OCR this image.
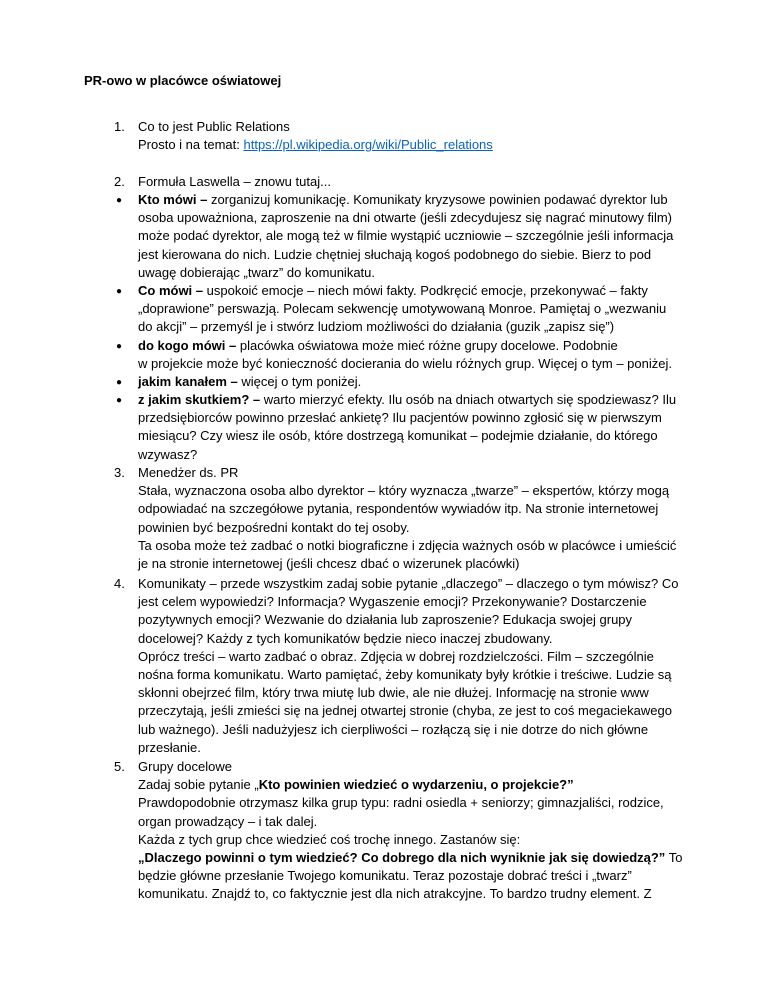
PR-owo w placówce oświatowej
1. Co to jest Public Relations
Prosto i na temat: https://pl.wikipedia.org/wiki/Public_relations
2. Formuła Laswella – znowu tutaj...
● Kto mówi – zorganizuj komunikację. Komunikaty kryzysowe powinien podawać dyrektor lub
osoba upoważniona, zaproszenie na dni otwarte (jeśli zdecydujesz się nagrać minutowy film)
może podać dyrektor, ale mogą też w filmie wystąpić uczniowie – szczególnie jeśli informacja
jest kierowana do nich. Ludzie chętniej słuchają kogoś podobnego do siebie. Bierz to pod
uwagę dobierając „twarz” do komunikatu.
● Co mówi – uspokoić emocje – niech mówi fakty. Podkręcić emocje, przekonywać – fakty
„doprawione” perswazją. Polecam sekwencję umotywowaną Monroe. Pamiętaj o „wezwaniu
do akcji” – przemyśl je i stwórz ludziom możliwości do działania (guzik „zapisz się”)
● do kogo mówi – placówka oświatowa może mieć różne grupy docelowe. Podobnie
w projekcie może być konieczność docierania do wielu różnych grup. Więcej o tym – poniżej.
● jakim kanałem – więcej o tym poniżej.
● z jakim skutkiem? – warto mierzyć efekty. Ilu osób na dniach otwartych się spodziewasz? Ilu
przedsiębiorców powinno przesłać ankietę? Ilu pacjentów powinno zgłosić się w pierwszym
miesiącu? Czy wiesz ile osób, które dostrzegą komunikat – podejmie działanie, do którego
wzywasz?
3. Menedżer ds. PR
Stała, wyznaczona osoba albo dyrektor – który wyznacza „twarze” – ekspertów, którzy mogą
odpowiadać na szczegółowe pytania, respondentów wywiadów itp. Na stronie internetowej
powinien być bezpośredni kontakt do tej osoby.
Ta osoba może też zadbać o notki biograficzne i zdjęcia ważnych osób w placówce i umieścić
je na stronie internetowej (jeśli chcesz dbać o wizerunek placówki)
4. Komunikaty – przede wszystkim zadaj sobie pytanie „dlaczego” – dlaczego o tym mówisz? Co
jest celem wypowiedzi? Informacja? Wygaszenie emocji? Przekonywanie? Dostarczenie
pozytywnych emocji? Wezwanie do działania lub zaproszenie? Edukacja swojej grupy
docelowej? Każdy z tych komunikatów będzie nieco inaczej zbudowany.
Oprócz treści – warto zadbać o obraz. Zdjęcia w dobrej rozdzielczości. Film – szczególnie
nośna forma komunikatu. Warto pamiętać, żeby komunikaty były krótkie i treściwe. Ludzie są
skłonni obejrzeć film, który trwa miutę lub dwie, ale nie dłużej. Informację na stronie www
przeczytają, jeśli zmieści się na jednej otwartej stronie (chyba, ze jest to coś megaciekawego
lub ważnego). Jeśli nadużyjesz ich cierpliwości – rozłączą się i nie dotrze do nich główne
przesłanie.
5. Grupy docelowe
Zadaj sobie pytanie „Kto powinien wiedzieć o wydarzeniu, o projekcie?”
Prawdopodobnie otrzymasz kilka grup typu: radni osiedla + seniorzy; gimnazjaliści, rodzice,
organ prowadzący – i tak dalej.
Każda z tych grup chce wiedzieć coś trochę innego. Zastanów się:
„Dlaczego powinni o tym wiedzieć? Co dobrego dla nich wyniknie jak się dowiedzą?” To
będzie główne przesłanie Twojego komunikatu. Teraz pozostaje dobrać treści i „twarz”
komunikatu. Znajdź to, co faktycznie jest dla nich atrakcyjne. To bardzo trudny element. Z
